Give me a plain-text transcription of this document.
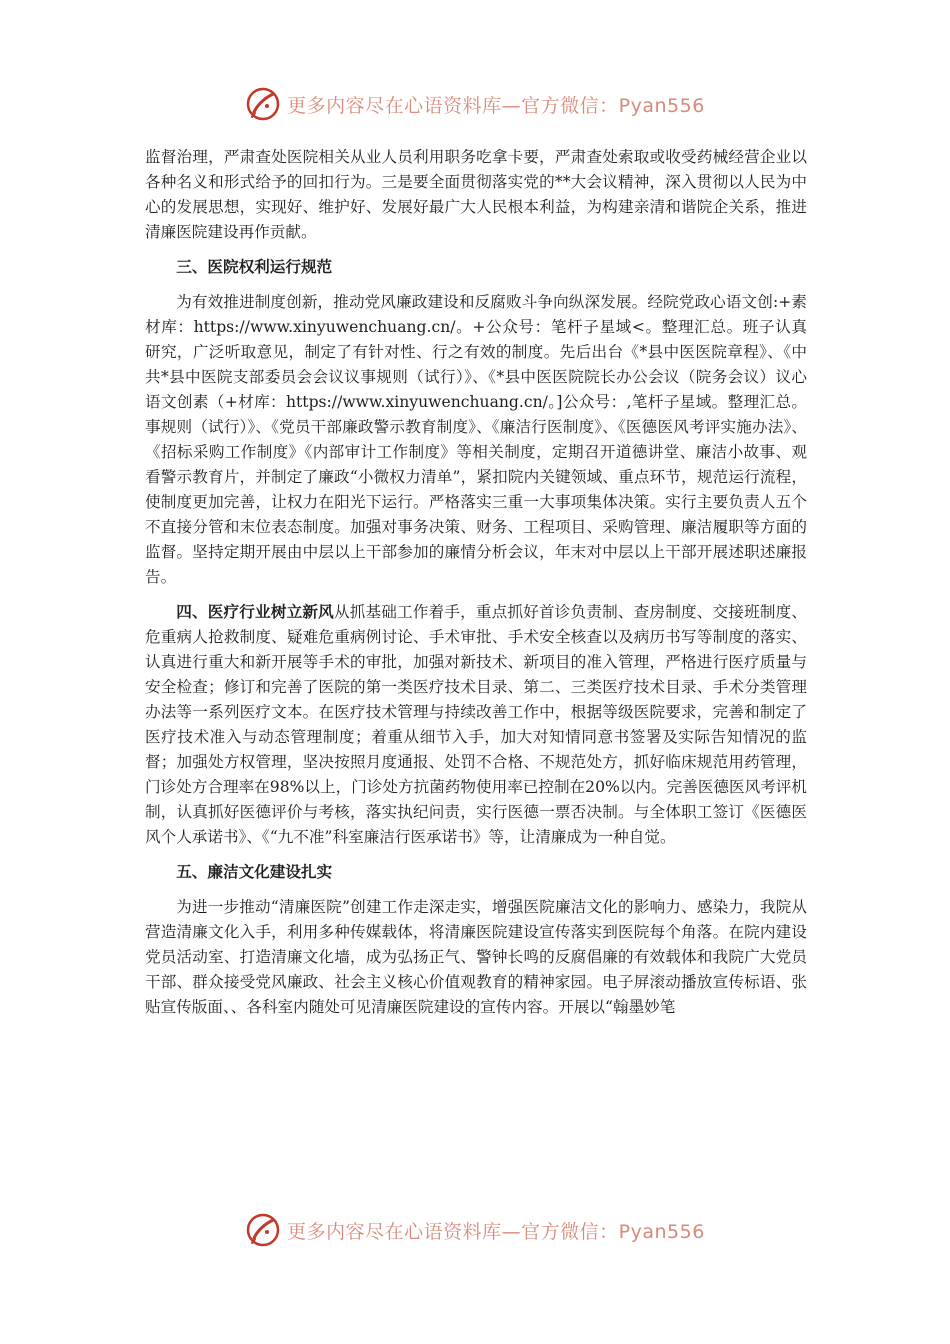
更多内容尽在心语资料库—官方微信：Pyan556

监督治理，严肃查处医院相关从业人员利用职务吃拿卡要，严肃查处索取或收受药械经营企业以各种名义和形式给予的回扣行为。三是要全面贯彻落实党的**大会议精神，深入贯彻以人民为中心的发展思想，实现好、维护好、发展好最广大人民根本利益，为构建亲清和谐院企关系，推进清廉医院建设再作贡献。

三、医院权利运行规范

为有效推进制度创新，推动党风廉政建设和反腐败斗争向纵深发展。经院党政心语文创:+素材库：https://www.xinyuwenchuang.cn/。+公众号：笔杆子星域<。整理汇总。班子认真研究，广泛听取意见，制定了有针对性、行之有效的制度。先后出台《*县中医医院章程》、《中共*县中医院支部委员会会议议事规则（试行）》、《*县中医医院院长办公会议（院务会议）议心语文创素（+材库：https://www.xinyuwenchuang.cn/。]公众号：,笔杆子星域。整理汇总。事规则（试行）》、《党员干部廉政警示教育制度》、《廉洁行医制度》、《医德医风考评实施办法》、《招标采购工作制度》《内部审计工作制度》等相关制度，定期召开道德讲堂、廉洁小故事、观看警示教育片，并制定了廉政“小微权力清单”，紧扣院内关键领域、重点环节，规范运行流程，使制度更加完善，让权力在阳光下运行。严格落实三重一大事项集体决策。实行主要负责人五个不直接分管和末位表态制度。加强对事务决策、财务、工程项目、采购管理、廉洁履职等方面的监督。坚持定期开展由中层以上干部参加的廉情分析会议，年末对中层以上干部开展述职述廉报告。

四、医疗行业树立新风从抓基础工作着手，重点抓好首诊负责制、查房制度、交接班制度、危重病人抢救制度、疑难危重病例讨论、手术审批、手术安全核查以及病历书写等制度的落实、认真进行重大和新开展等手术的审批，加强对新技术、新项目的准入管理，严格进行医疗质量与安全检查；修订和完善了医院的第一类医疗技术目录、第二、三类医疗技术目录、手术分类管理办法等一系列医疗文本。在医疗技术管理与持续改善工作中，根据等级医院要求，完善和制定了医疗技术准入与动态管理制度；着重从细节入手，加大对知情同意书签署及实际告知情况的监督；加强处方权管理，坚决按照月度通报、处罚不合格、不规范处方，抓好临床规范用药管理，门诊处方合理率在98%以上，门诊处方抗菌药物使用率已控制在20%以内。完善医德医风考评机制，认真抓好医德评价与考核，落实执纪问责，实行医德一票否决制。与全体职工签订《医德医风个人承诺书》、《“九不准”科室廉洁行医承诺书》等，让清廉成为一种自觉。

五、廉洁文化建设扎实

为进一步推动“清廉医院”创建工作走深走实，增强医院廉洁文化的影响力、感染力，我院从营造清廉文化入手，利用多种传媒载体，将清廉医院建设宣传落实到医院每个角落。在院内建设党员活动室、打造清廉文化墙，成为弘扬正气、警钟长鸣的反腐倡廉的有效载体和我院广大党员干部、群众接受党风廉政、社会主义核心价值观教育的精神家园。电子屏滚动播放宣传标语、张贴宣传版面、、各科室内随处可见清廉医院建设的宣传内容。开展以“翰墨妙笔

更多内容尽在心语资料库—官方微信：Pyan556
